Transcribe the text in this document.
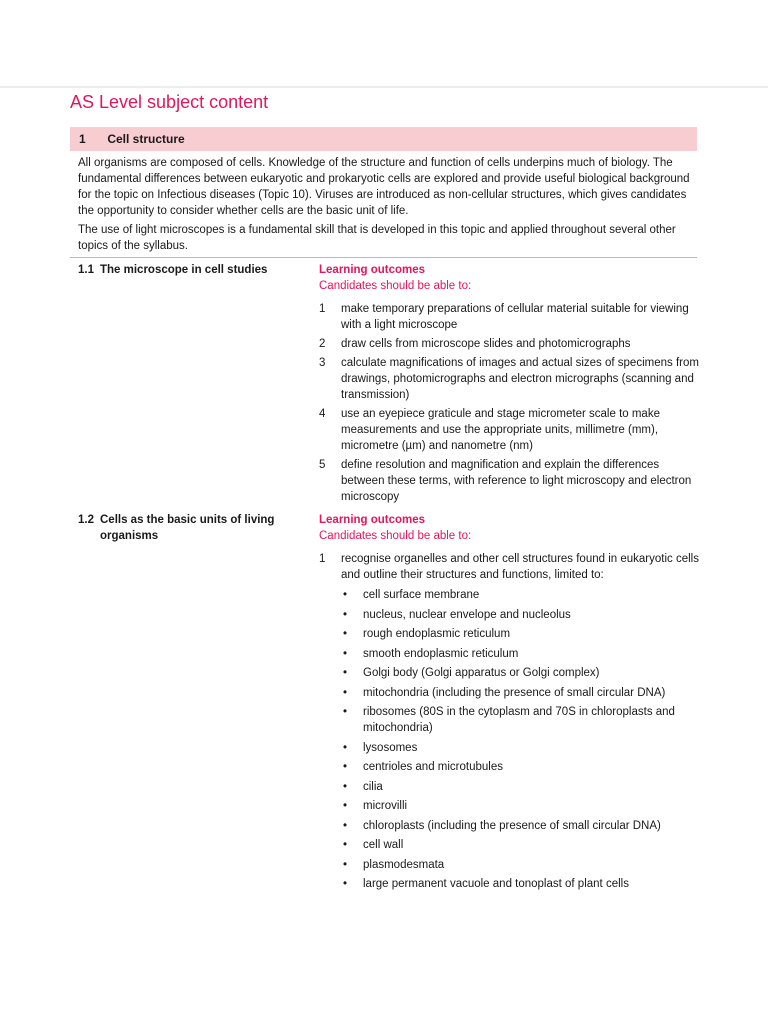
AS Level subject content
1 Cell structure

All organisms are composed of cells. Knowledge of the structure and function of cells underpins much of biology. The fundamental differences between eukaryotic and prokaryotic cells are explored and provide useful biological background for the topic on Infectious diseases (Topic 10). Viruses are introduced as non-cellular structures, which gives candidates the opportunity to consider whether cells are the basic unit of life.

The use of light microscopes is a fundamental skill that is developed in this topic and applied throughout several other topics of the syllabus.

1.1 The microscope in cell studies	Learning outcomes
Candidates should be able to:
1 make temporary preparations of cellular material suitable for viewing with a light microscope
2 draw cells from microscope slides and photomicrographs
3 calculate magnifications of images and actual sizes of specimens from drawings, photomicrographs and electron micrographs (scanning and transmission)
4 use an eyepiece graticule and stage micrometer scale to make measurements and use the appropriate units, millimetre (mm), micrometre (µm) and nanometre (nm)
5 define resolution and magnification and explain the differences between these terms, with reference to light microscopy and electron microscopy
1.2 Cells as the basic units of living
organisms
Learning outcomes
Candidates should be able to:
1 recognise organelles and other cell structures found in eukaryotic cells and outline their structures and functions, limited to:
• cell surface membrane
• nucleus, nuclear envelope and nucleolus
• rough endoplasmic reticulum
• smooth endoplasmic reticulum
• Golgi body (Golgi apparatus or Golgi complex)
• mitochondria (including the presence of small circular DNA)
• ribosomes (80S in the cytoplasm and 70S in chloroplasts and mitochondria)
• lysosomes
• centrioles and microtubules
• cilia
• microvilli
• chloroplasts (including the presence of small circular DNA)
• cell wall
• plasmodesmata
• large permanent vacuole and tonoplast of plant cells
